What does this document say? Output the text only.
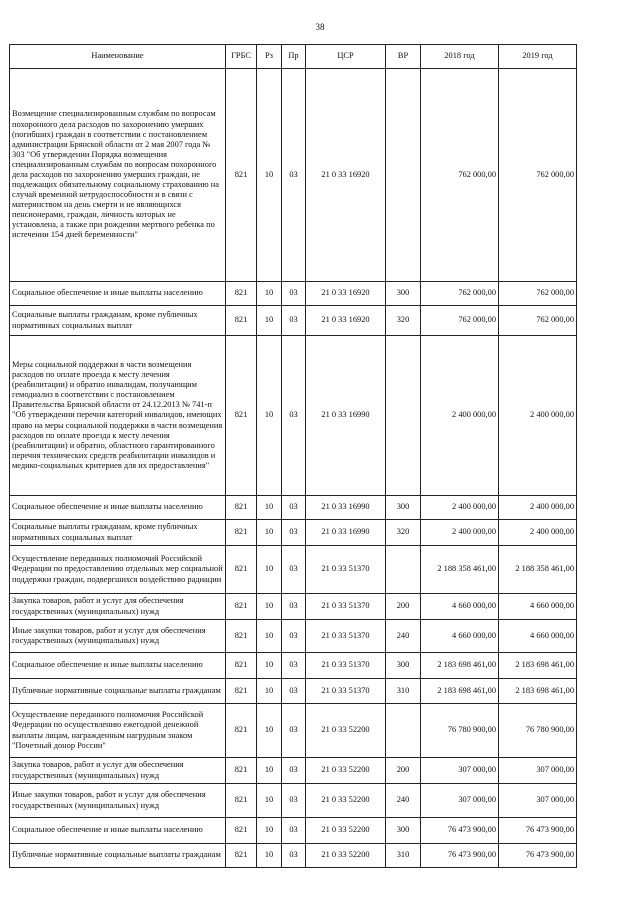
38
Наименование	ГРБС	Рз	Пр	ЦСР	ВР	2018 год	2019 год
Возмещение специализированным службам по вопросам похоронного дела расходов по захоронению умерших (погибших) граждан в соответствии с постановлением администрации Брянской области от 2 мая 2007 года № 303 "Об утверждении Порядка возмещения специализированным службам по вопросам похоронного дела расходов по захоронению умерших граждан, не подлежащих обязательному социальному страхованию на случай временной нетрудоспособности и в связи с материнством на день смерти и не являющихся пенсионерами, граждан, личность которых не установлена, а также при рождении мертвого ребенка по истечении 154 дней беременности"	821	10	03	21 0 33 16920		762 000,00	762 000,00
Социальное обеспечение и иные выплаты населению	821	10	03	21 0 33 16920	300	762 000,00	762 000,00
Социальные выплаты гражданам, кроме публичных нормативных социальных выплат	821	10	03	21 0 33 16920	320	762 000,00	762 000,00
Меры социальной поддержки в части возмещения расходов по оплате проезда к месту лечения (реабилитации) и обратно инвалидам, получающим гемодиализ в соответствии с постановлением Правительства Брянской области от 24.12.2013 № 741-п "Об утверждении перечня категорий инвалидов, имеющих право на меры социальной поддержки в части возмещения расходов по оплате проезда к месту лечения (реабилитации) и обратно, областного гарантированного перечня технических средств реабилитации инвалидов и медико-социальных критериев для их предоставления"	821	10	03	21 0 33 16990		2 400 000,00	2 400 000,00
Социальное обеспечение и иные выплаты населению	821	10	03	21 0 33 16990	300	2 400 000,00	2 400 000,00
Социальные выплаты гражданам, кроме публичных нормативных социальных выплат	821	10	03	21 0 33 16990	320	2 400 000,00	2 400 000,00
Осуществление переданных полномочий Российской Федерации по предоставлению отдельных мер социальной поддержки граждан, подвергшихся воздействию радиации	821	10	03	21 0 33 51370		2 188 358 461,00	2 188 358 461,00
Закупка товаров, работ и услуг для обеспечения государственных (муниципальных) нужд	821	10	03	21 0 33 51370	200	4 660 000,00	4 660 000,00
Иные закупки товаров, работ и услуг для обеспечения государственных (муниципальных) нужд	821	10	03	21 0 33 51370	240	4 660 000,00	4 660 000,00
Социальное обеспечение и иные выплаты населению	821	10	03	21 0 33 51370	300	2 183 698 461,00	2 183 698 461,00
Публичные нормативные социальные выплаты гражданам	821	10	03	21 0 33 51370	310	2 183 698 461,00	2 183 698 461,00
Осуществление переданного полномочия Российской Федерации по осуществлению ежегодной денежной выплаты лицам, награжденным нагрудным знаком "Почетный донор России"	821	10	03	21 0 33 52200		76 780 900,00	76 780 900,00
Закупка товаров, работ и услуг для обеспечения государственных (муниципальных) нужд	821	10	03	21 0 33 52200	200	307 000,00	307 000,00
Иные закупки товаров, работ и услуг для обеспечения государственных (муниципальных) нужд	821	10	03	21 0 33 52200	240	307 000,00	307 000,00
Социальное обеспечение и иные выплаты населению	821	10	03	21 0 33 52200	300	76 473 900,00	76 473 900,00
Публичные нормативные социальные выплаты гражданам	821	10	03	21 0 33 52200	310	76 473 900,00	76 473 900,00
